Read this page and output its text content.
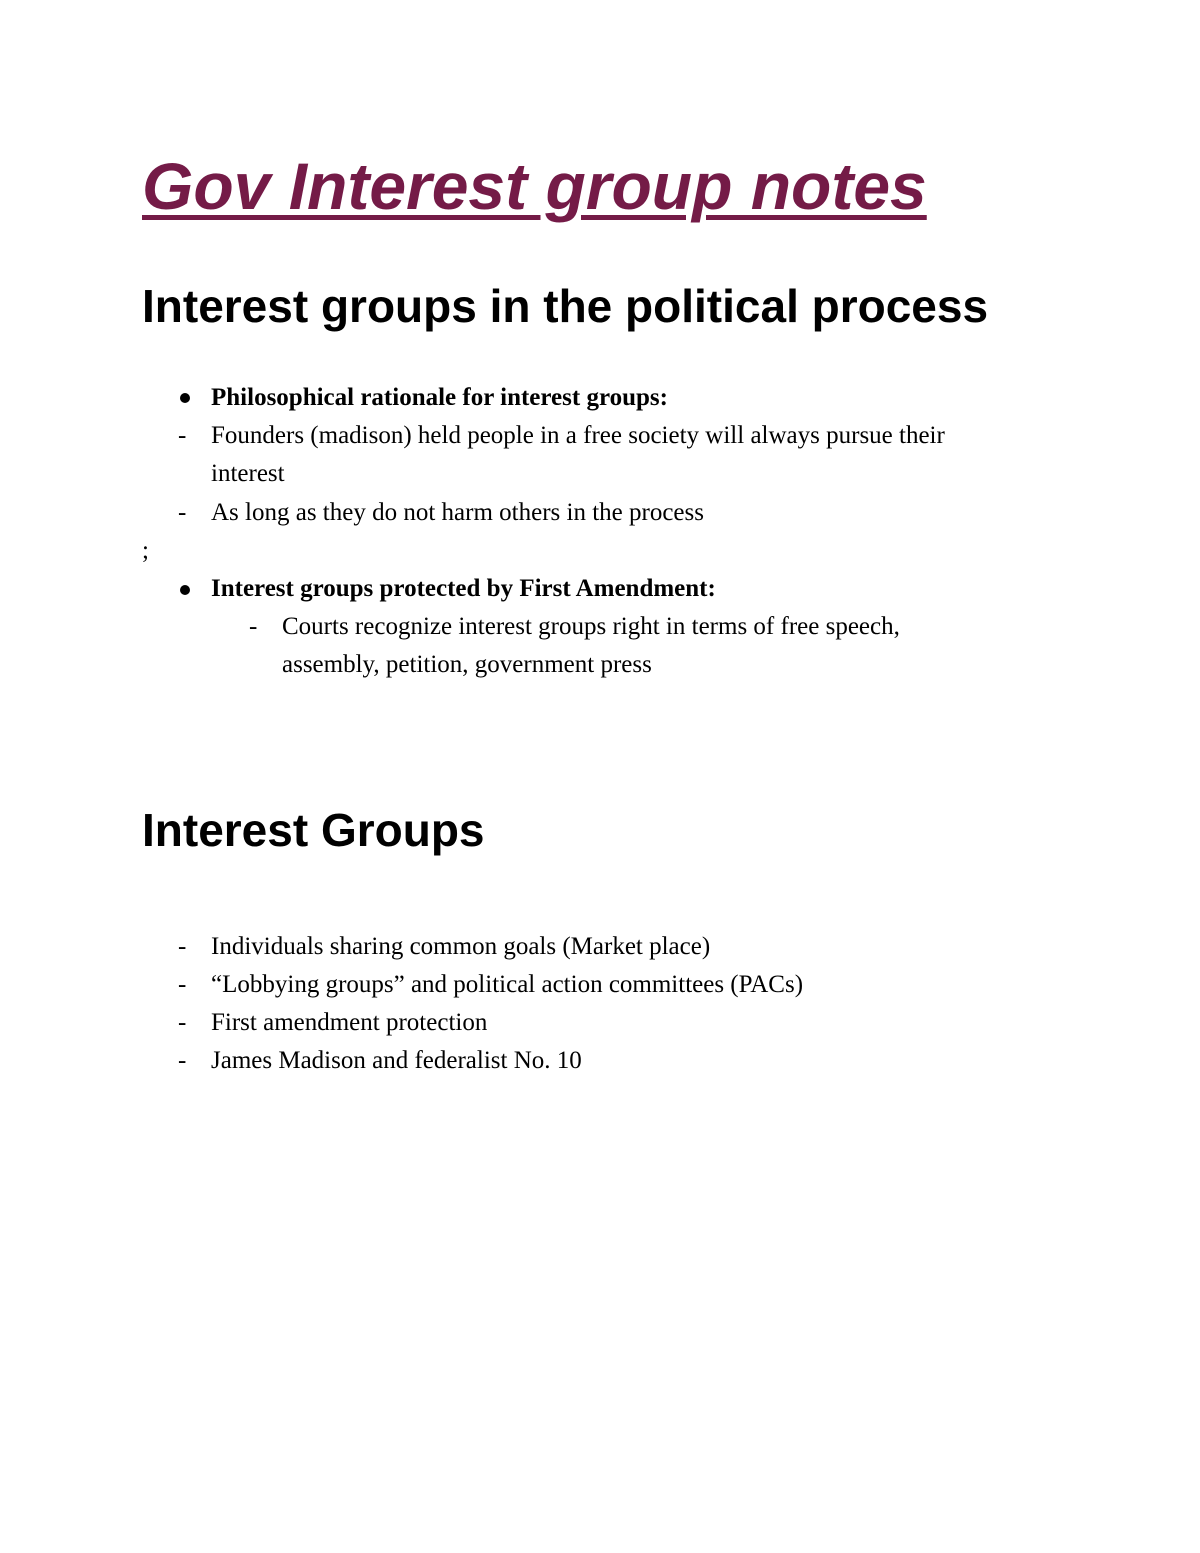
Gov Interest group notes
Interest groups in the political process
Philosophical rationale for interest groups:
- Founders (madison) held people in a free society will always pursue their
interest
- As long as they do not harm others in the process
;
Interest groups protected by First Amendment:
- Courts recognize interest groups right in terms of free speech,
assembly, petition, government press
Interest Groups
- Individuals sharing common goals (Market place)
- “Lobbying groups” and political action committees (PACs)
- First amendment protection
- James Madison and federalist No. 10
